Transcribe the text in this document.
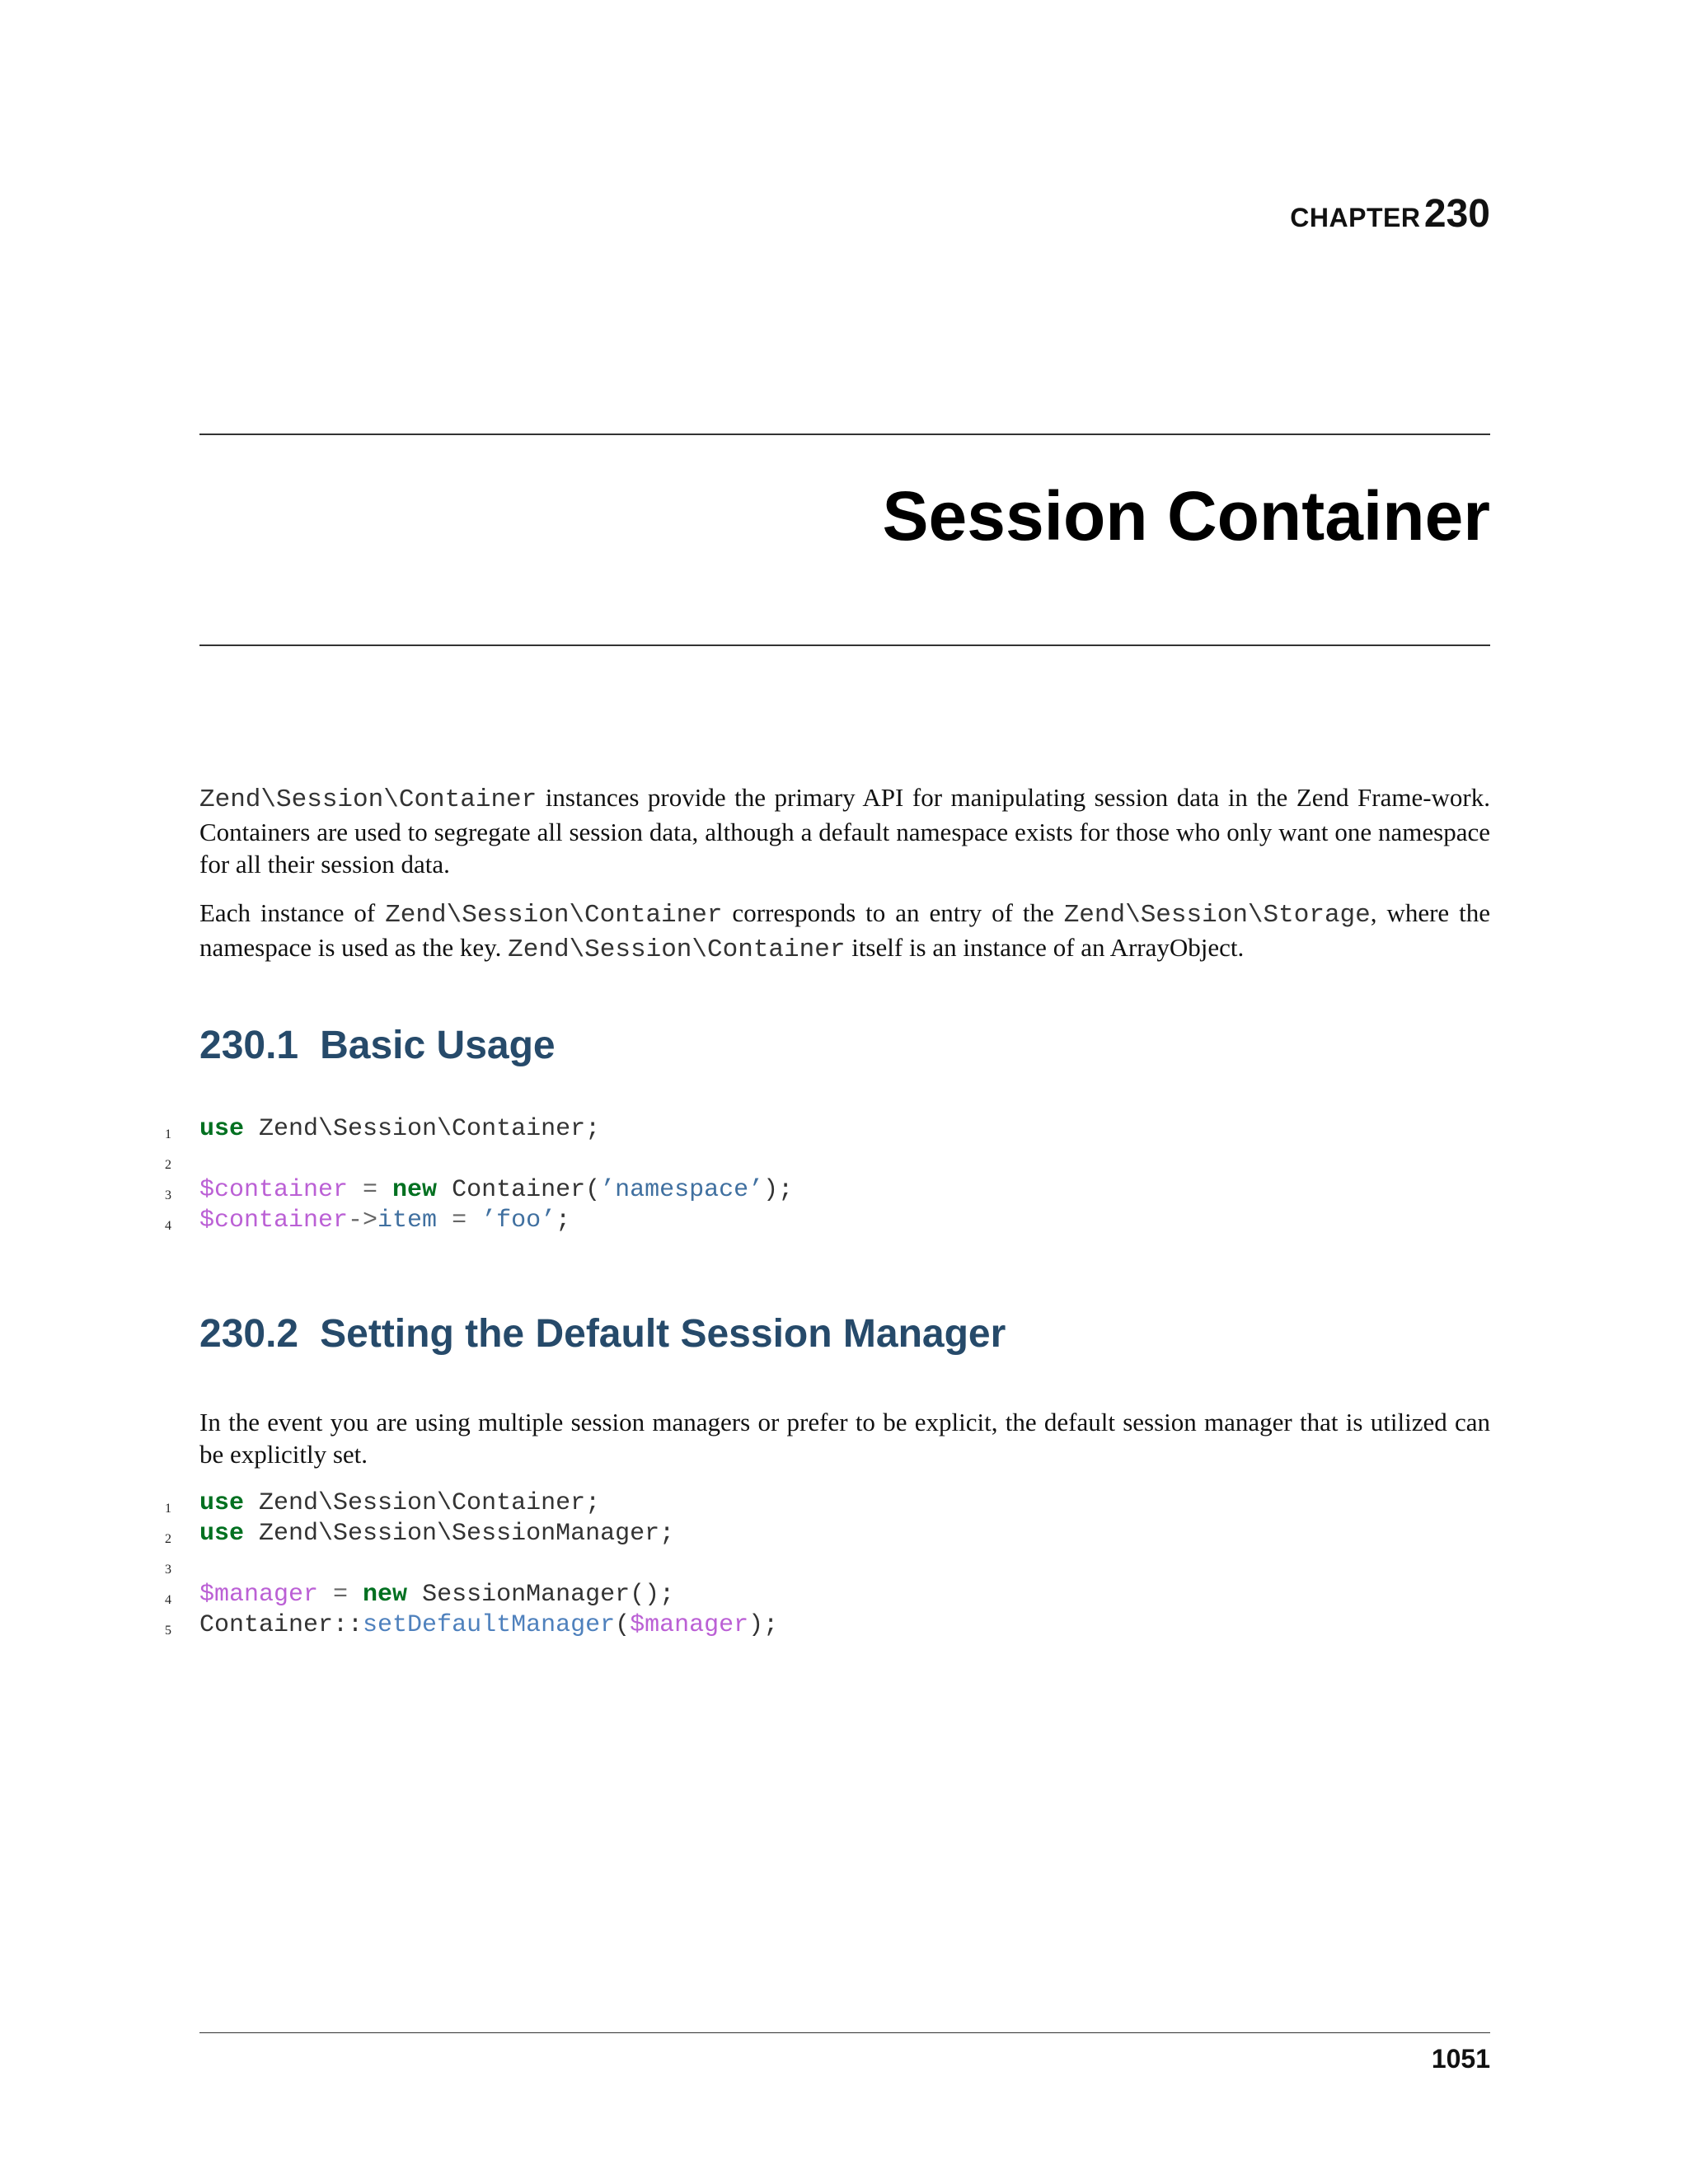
CHAPTER 230
Session Container

Zend\Session\Container instances provide the primary API for manipulating session data in the Zend Frame-work. Containers are used to segregate all session data, although a default namespace exists for those who only want one namespace for all their session data.

Each instance of Zend\Session\Container corresponds to an entry of the Zend\Session\Storage, where the namespace is used as the key. Zend\Session\Container itself is an instance of an ArrayObject.

230.1 Basic Usage
1	use Zend\Session\Container;
2
3	$container = new Container(’namespace’);
4	$container->item = ’foo’;
230.2 Setting the Default Session Manager

In the event you are using multiple session managers or prefer to be explicit, the default session manager that is utilized can be explicitly set.

1	use Zend\Session\Container;
2	use Zend\Session\SessionManager;
3
4	$manager = new SessionManager();
5	Container::setDefaultManager($manager);
1051
